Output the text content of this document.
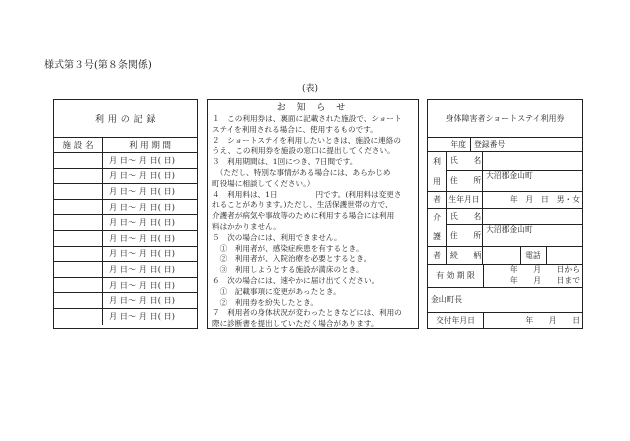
様式第３号(第８条関係)
(表)
利 用 の 記 録
施 設 名	利 用 期 間
月 日～ 月 日( 日)
月 日～ 月 日( 日)
月 日～ 月 日( 日)
月 日～ 月 日( 日)
月 日～ 月 日( 日)
月 日～ 月 日( 日)
月 日～ 月 日( 日)
月 日～ 月 日( 日)
月 日～ 月 日( 日)
月 日～ 月 日( 日)
月 日～ 月 日( 日)
お 知 ら せ
１　この利用券は、裏面に記載された施設で、ショート
ステイを利用される場合に、使用するものです。
２　ショートステイを利用したいときは、施設に連絡の
うえ、この利用券を施設の窓口に提出してください。
３　利用期間は、1回につき、7日間です。
　（ただし、特別な事情がある場合には、あらかじめ
町役場に相談してください。）
４　利用料は、1日　　　　　円です。(利用料は変更さ
れることがあります。)ただし、生活保護世帯の方で、
介護者が病気や事故等のために利用する場合には利用
料はかかりません。
５　次の場合には、利用できません。
　①　利用者が、感染症疾患を有するとき。
　②　利用者が、入院治療を必要とするとき。
　③　利用しようとする施設が満床のとき。
６　次の場合には、速やかに届け出てください。
　①　記載事項に変更があったとき。
　②　利用券を紛失したとき。
７　利用者の身体状況が変わったときなどには、利用の
際に診断書を提出していただく場合があります。
身体障害者ショートステイ利用券
年度	登録番号
利
用
者
氏　　名
住　　所
大沼郡金山町
生年月日	年　月　日　男・女
介
護
者
氏　　名
住　　所
大沼郡金山町
続　　柄	電話
有 効 期 限
年　　月　　日から
年　　月　　日まで
金山町長
交付年月日	年　　月　　日
